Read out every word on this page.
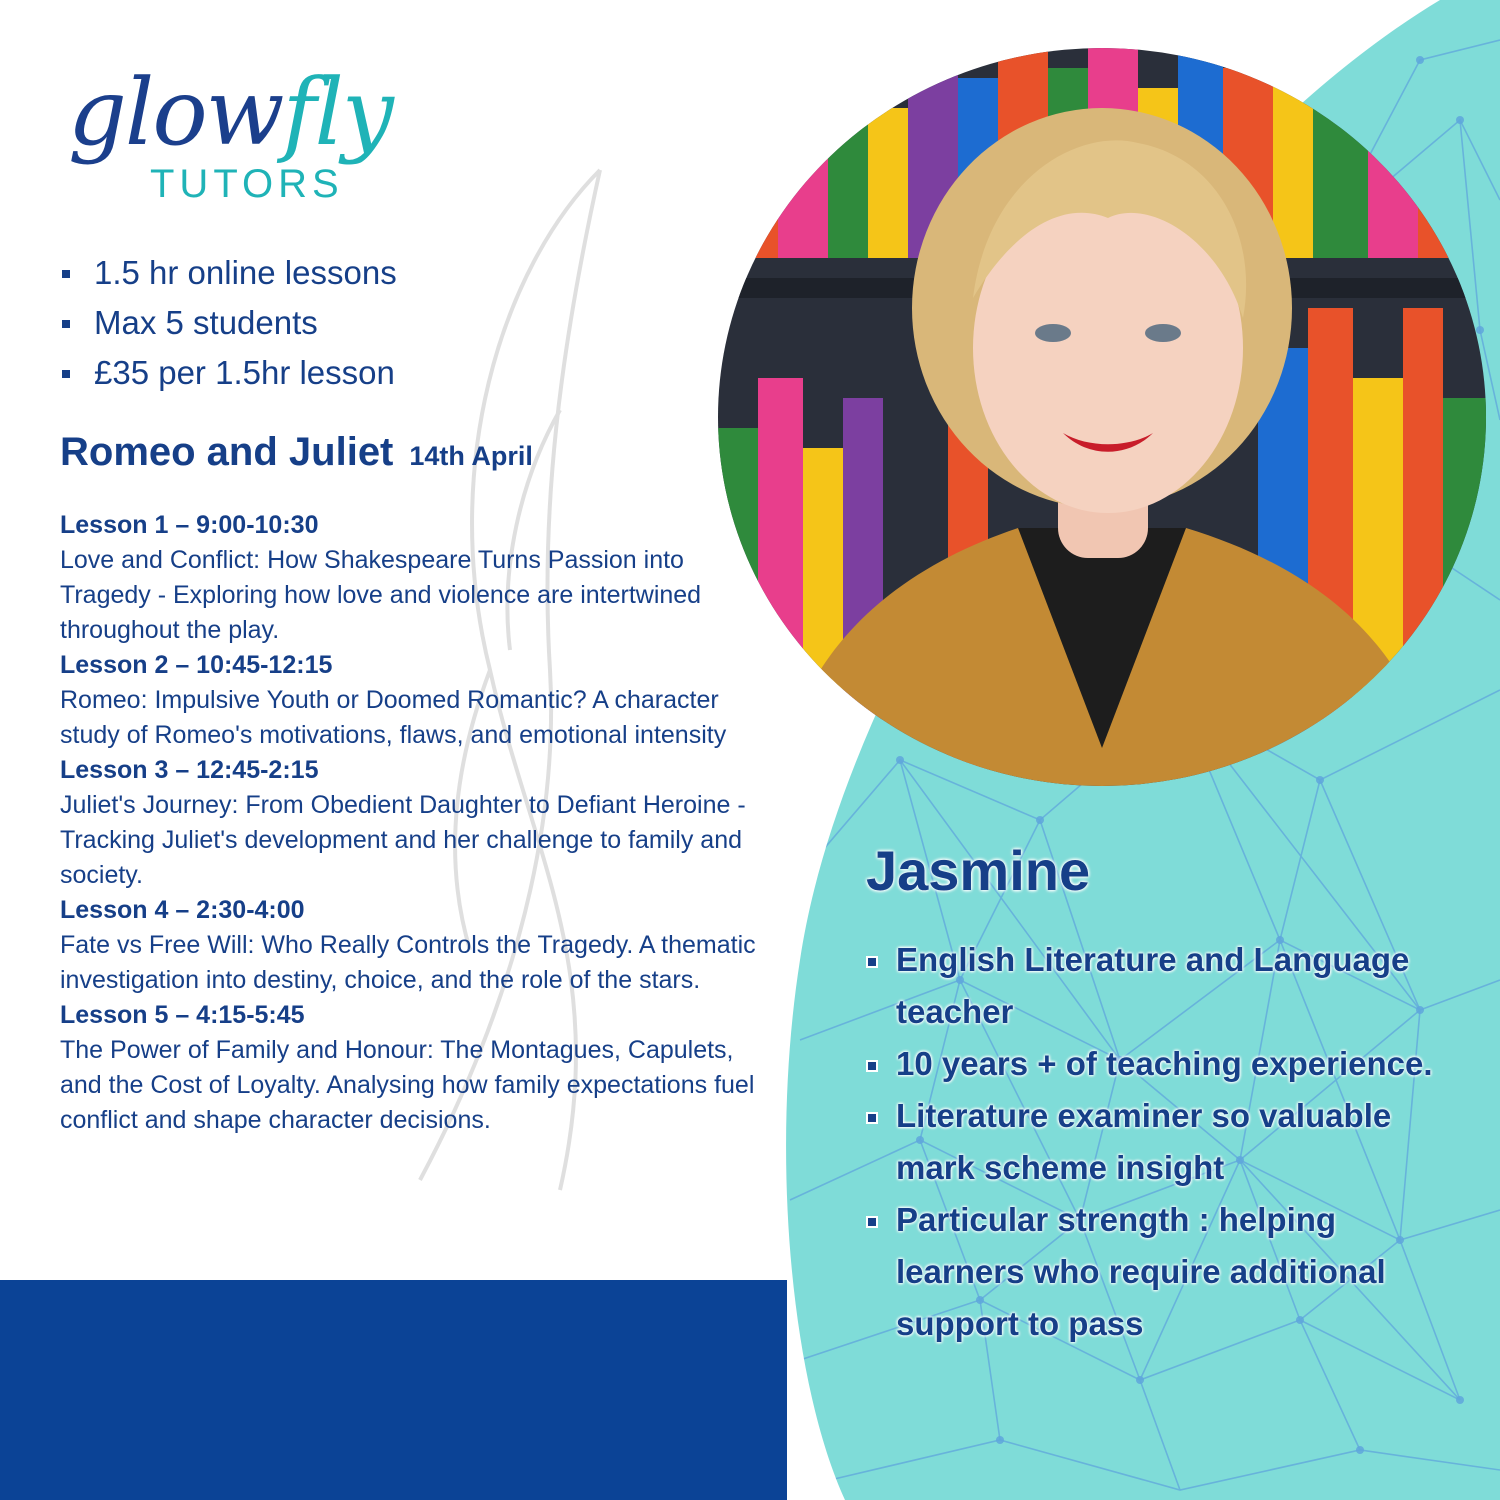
glowfly
TUTORS
1.5 hr online lessons
Max 5 students
£35 per 1.5hr lesson
Romeo and Juliet 14th April
Lesson 1 – 9:00-10:30
Love and Conflict: How Shakespeare Turns Passion into Tragedy - Exploring how love and violence are intertwined throughout the play.
Lesson 2 – 10:45-12:15
Romeo: Impulsive Youth or Doomed Romantic? A character study of Romeo's motivations, flaws, and emotional intensity
Lesson 3 – 12:45-2:15
Juliet's Journey: From Obedient Daughter to Defiant Heroine - Tracking Juliet's development and her challenge to family and society.
Lesson 4 – 2:30-4:00
Fate vs Free Will: Who Really Controls the Tragedy. A thematic investigation into destiny, choice, and the role of the stars.
Lesson 5 – 4:15-5:45
The Power of Family and Honour: The Montagues, Capulets, and the Cost of Loyalty. Analysing how family expectations fuel conflict and shape character decisions.
Jasmine
English Literature and Language teacher
10 years + of teaching experience.
Literature examiner so valuable mark scheme insight
Particular strength : helping learners who require additional support to pass
